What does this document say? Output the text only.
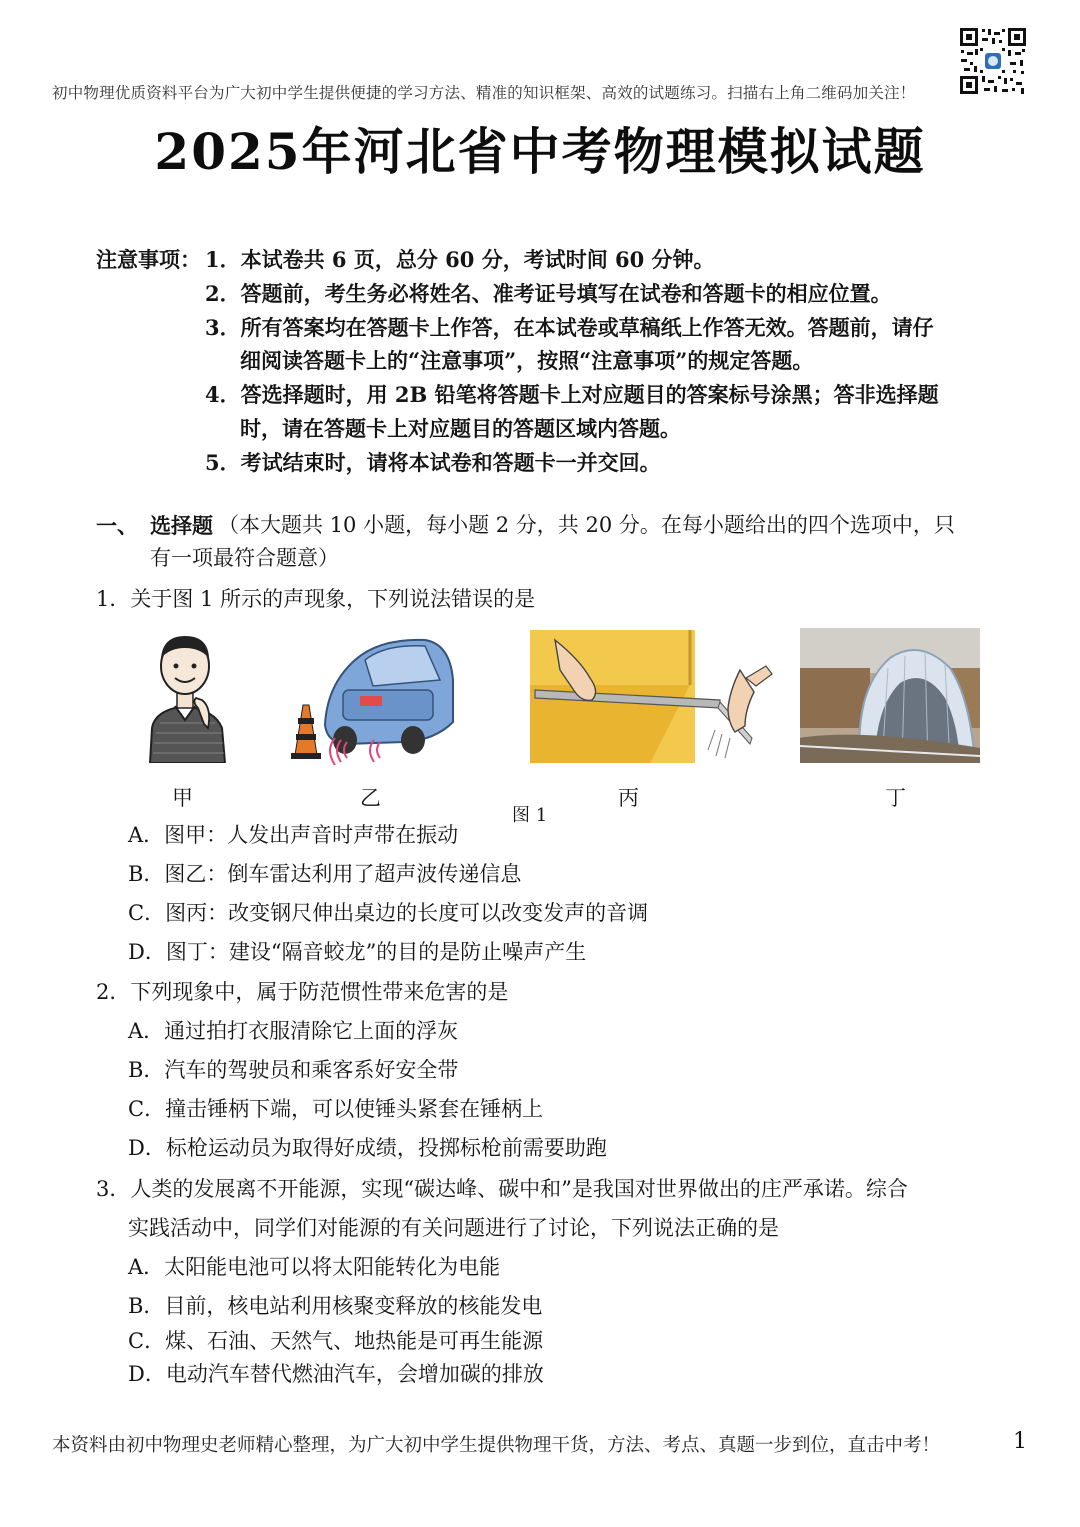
初中物理优质资料平台为广大初中学生提供便捷的学习方法、精准的知识框架、高效的试题练习。扫描右上角二维码加关注！
2025年河北省中考物理模拟试题
注意事项： 1．本试卷共 6 页，总分 60 分，考试时间 60 分钟。
2．答题前，考生务必将姓名、准考证号填写在试卷和答题卡的相应位置。
3．所有答案均在答题卡上作答，在本试卷或草稿纸上作答无效。答题前，请仔
细阅读答题卡上的“注意事项”，按照“注意事项”的规定答题。
4．答选择题时，用 2B 铅笔将答题卡上对应题目的答案标号涂黑；答非选择题
时，请在答题卡上对应题目的答题区域内答题。
5．考试结束时，请将本试卷和答题卡一并交回。
一、 选择题 （本大题共 10 小题，每小题 2 分，共 20 分。在每小题给出的四个选项中，只
有一项最符合题意）
1．关于图 1 所示的声现象，下列说法错误的是
甲	乙	丙	丁
图 1
A．图甲：人发出声音时声带在振动
B．图乙：倒车雷达利用了超声波传递信息
C．图丙：改变钢尺伸出桌边的长度可以改变发声的音调
D．图丁：建设“隔音蛟龙”的目的是防止噪声产生
2．下列现象中，属于防范惯性带来危害的是
A．通过拍打衣服清除它上面的浮灰
B．汽车的驾驶员和乘客系好安全带
C．撞击锤柄下端，可以使锤头紧套在锤柄上
D．标枪运动员为取得好成绩，投掷标枪前需要助跑
3．人类的发展离不开能源，实现“碳达峰、碳中和”是我国对世界做出的庄严承诺。综合
实践活动中，同学们对能源的有关问题进行了讨论，下列说法正确的是
A．太阳能电池可以将太阳能转化为电能
B．目前，核电站利用核聚变释放的核能发电
C．煤、石油、天然气、地热能是可再生能源
D．电动汽车替代燃油汽车，会增加碳的排放
本资料由初中物理史老师精心整理，为广大初中学生提供物理干货，方法、考点、真题一步到位，直击中考！	1
